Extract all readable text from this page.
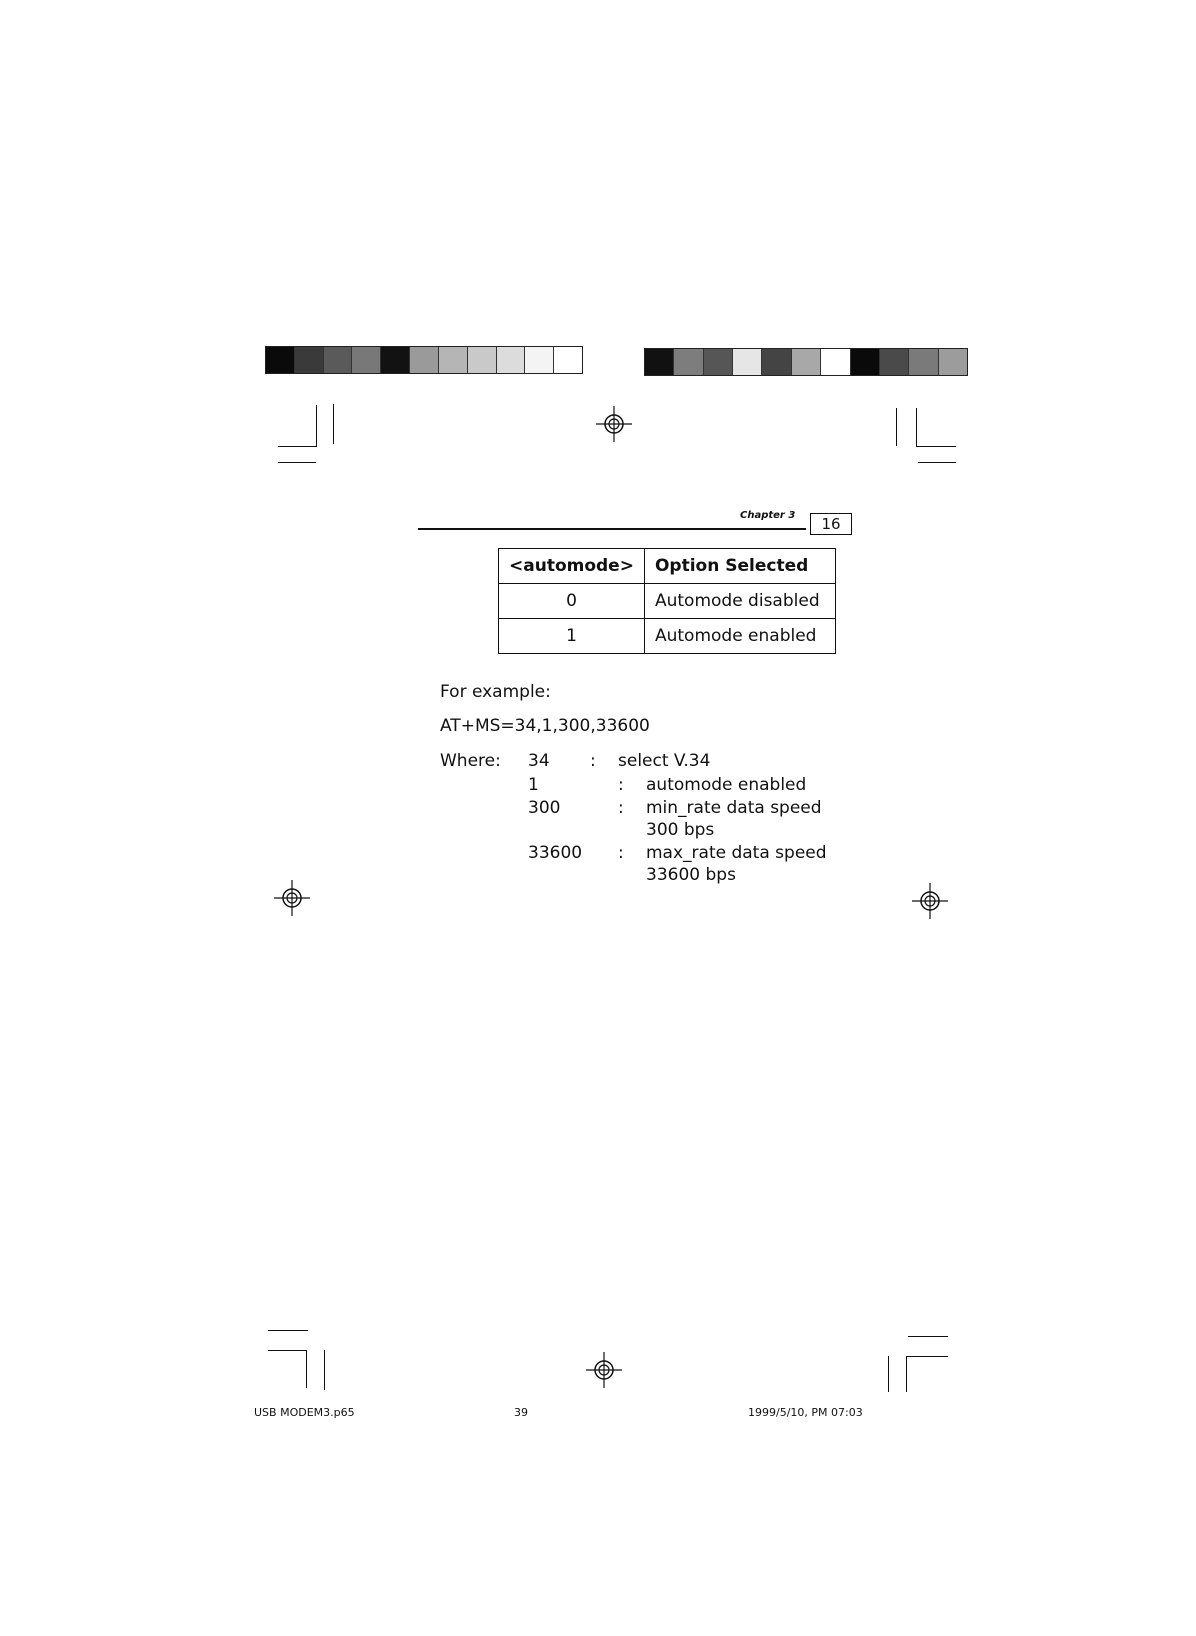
Chapter 3	16
<automode>	Option Selected
0	Automode disabled
1	Automode enabled
For example:
AT+MS=34,1,300,33600
Where: 34 : select V.34
1	: automode enabled
300	: min_rate data speed
300 bps
33600 : max_rate data speed
33600 bps
USB MODEM3.p65	39	1999/5/10, PM 07:03
